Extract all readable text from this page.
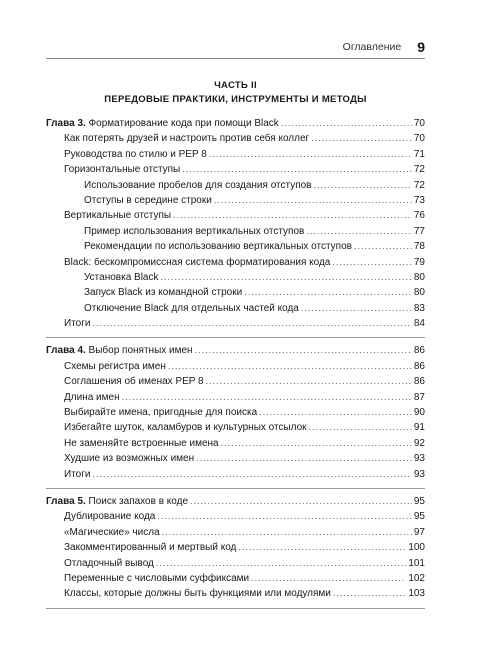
Оглавление 9

ЧАСТЬ II

ПЕРЕДОВЫЕ ПРАКТИКИ, ИНСТРУМЕНТЫ И МЕТОДЫ

Глава 3. Форматирование кода при помощи Black .....	70
Как потерять друзей и настроить против себя коллег .....	70
Руководства по стилю и PEP 8 .....	71
Горизонтальные отступы .....	72
Использование пробелов для создания отступов .....	72
Отступы в середине строки .....	73
Вертикальные отступы .....	76
Пример использования вертикальных отступов .....	77
Рекомендации по использованию вертикальных отступов .....	78
Black: бескомпромиссная система форматирования кода .....	79
Установка Black .....	80
Запуск Black из командной строки .....	80
Отключение Black для отдельных частей кода .....	83
Итоги .....	84
Глава 4. Выбор понятных имен .....	86
Схемы регистра имен .....	86
Соглашения об именах PEP 8 .....	86
Длина имен .....	87
Выбирайте имена, пригодные для поиска .....	90
Избегайте шуток, каламбуров и культурных отсылок .....	91
Не заменяйте встроенные имена .....	92
Худшие из возможных имен .....	93
Итоги .....	93
Глава 5. Поиск запахов в коде .....	95
Дублирование кода .....	95
«Магические» числа .....	97
Закомментированный и мертвый код .....	100
Отладочный вывод .....	101
Переменные с числовыми суффиксами .....	102
Классы, которые должны быть функциями или модулями .....	103
